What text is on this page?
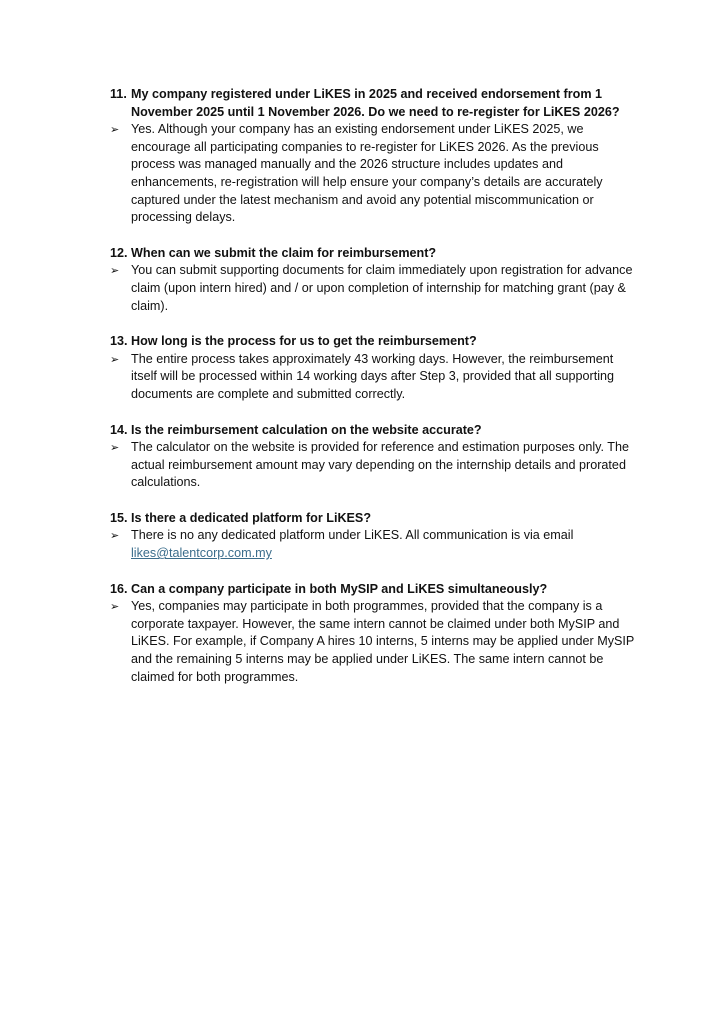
11. My company registered under LiKES in 2025 and received endorsement from 1 November 2025 until 1 November 2026. Do we need to re-register for LiKES 2026?
➢ Yes. Although your company has an existing endorsement under LiKES 2025, we encourage all participating companies to re-register for LiKES 2026. As the previous process was managed manually and the 2026 structure includes updates and enhancements, re-registration will help ensure your company’s details are accurately captured under the latest mechanism and avoid any potential miscommunication or processing delays.
12. When can we submit the claim for reimbursement?
➢ You can submit supporting documents for claim immediately upon registration for advance claim (upon intern hired) and / or upon completion of internship for matching grant (pay & claim).
13. How long is the process for us to get the reimbursement?
➢ The entire process takes approximately 43 working days. However, the reimbursement itself will be processed within 14 working days after Step 3, provided that all supporting documents are complete and submitted correctly.
14. Is the reimbursement calculation on the website accurate?
➢ The calculator on the website is provided for reference and estimation purposes only. The actual reimbursement amount may vary depending on the internship details and prorated calculations.
15. Is there a dedicated platform for LiKES?
➢ There is no any dedicated platform under LiKES. All communication is via email
likes@talentcorp.com.my
16. Can a company participate in both MySIP and LiKES simultaneously?
➢ Yes, companies may participate in both programmes, provided that the company is a corporate taxpayer. However, the same intern cannot be claimed under both MySIP and LiKES. For example, if Company A hires 10 interns, 5 interns may be applied under MySIP and the remaining 5 interns may be applied under LiKES. The same intern cannot be claimed for both programmes.
